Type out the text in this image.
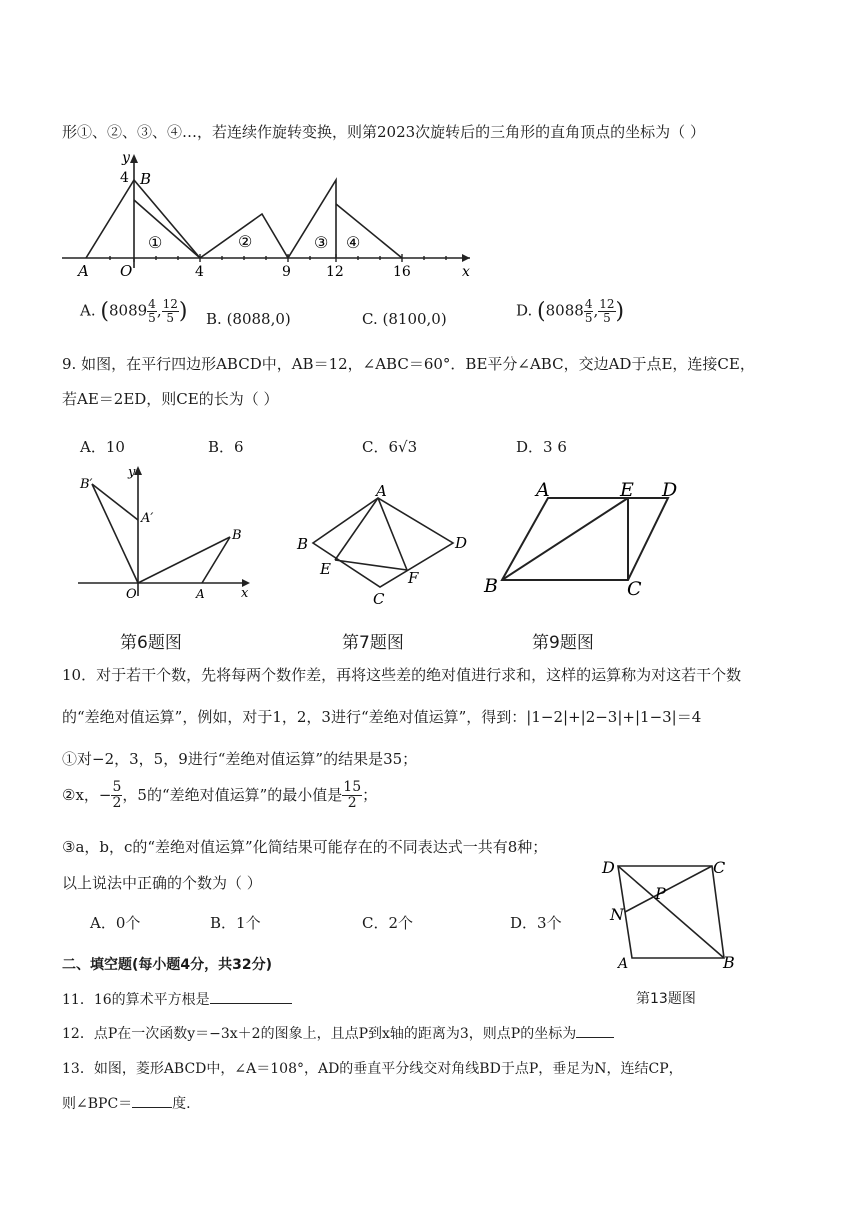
形①、②、③、④…，若连续作旋转变换，则第2023次旋转后的三角形的直角顶点的坐标为（ ）
y
4 B
A O	4	9	12	16	x
①	②	③ ④
A. ($8089 \frac{4}{5}$ , $\frac{12}{5}$ ) B. (8088,0)	C. (8100,0)	D. ($8088 \frac{4}{5}$ , $\frac{12}{5}$ )
9. 如图，在平行四边形ABCD中，AB＝12，∠ABC＝60°．BE平分∠ABC，交边AD于点E，连接CE，
若AE＝2ED，则CE的长为（ ）
A．10	B．6	C．6√3	D．3 6
B′
A′
y
B
O	A	x
A
B	D
E	F
C
A	E D
B	C
第6题图	第7题图	第9题图
10．对于若干个数，先将每两个数作差，再将这些差的绝对值进行求和，这样的运算称为对这若干个数
的“差绝对值运算”，例如，对于1，2，3进行“差绝对值运算”，得到：|1−2|+|2−3|+|1−3|＝4
①对−2，3，5，9进行“差绝对值运算”的结果是35；
②x，− $\frac{5}{2}$ ，5的“差绝对值运算”的最小值是 $\frac{15}{2}$ ；
③a，b，c的“差绝对值运算”化简结果可能存在的不同表达式一共有8种；
以上说法中正确的个数为（ ）
A．0个	B．1个	C．2个	D．3个
D	C
P
N
A	B
第13题图
二、填空题(每小题4分，共32分)
11．16的算术平方根是
12．点P在一次函数y＝−3x＋2的图象上，且点P到x轴的距离为3，则点P的坐标为
13．如图，菱形ABCD中，∠A＝108°，AD的垂直平分线交对角线BD于点P，垂足为N，连结CP，
则∠BPC＝	度.
